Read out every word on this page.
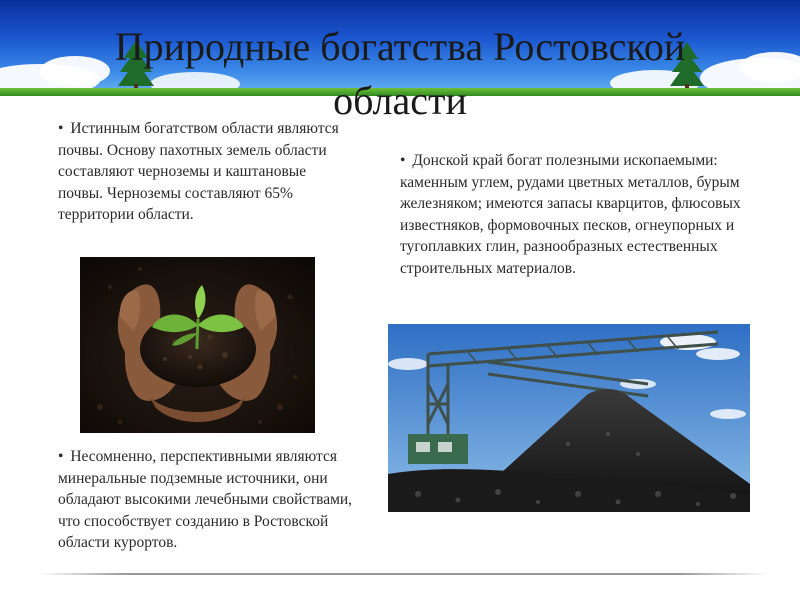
Природные богатства Ростовской области

• Истинным богатством области являются почвы. Основу пахотных земель области составляют черноземы и каштановые почвы. Черноземы составляют 65% территории области.

• Донской край богат полезными ископаемыми: каменным углем, рудами цветных металлов, бурым железняком; имеются запасы кварцитов, флюсовых известняков, формовочных песков, огнеупорных и тугоплавких глин, разнообразных естественных строительных материалов.

• Несомненно, перспективными являются минеральные подземные источники, они обладают высокими лечебными свойствами, что способствует созданию в Ростовской области курортов.
